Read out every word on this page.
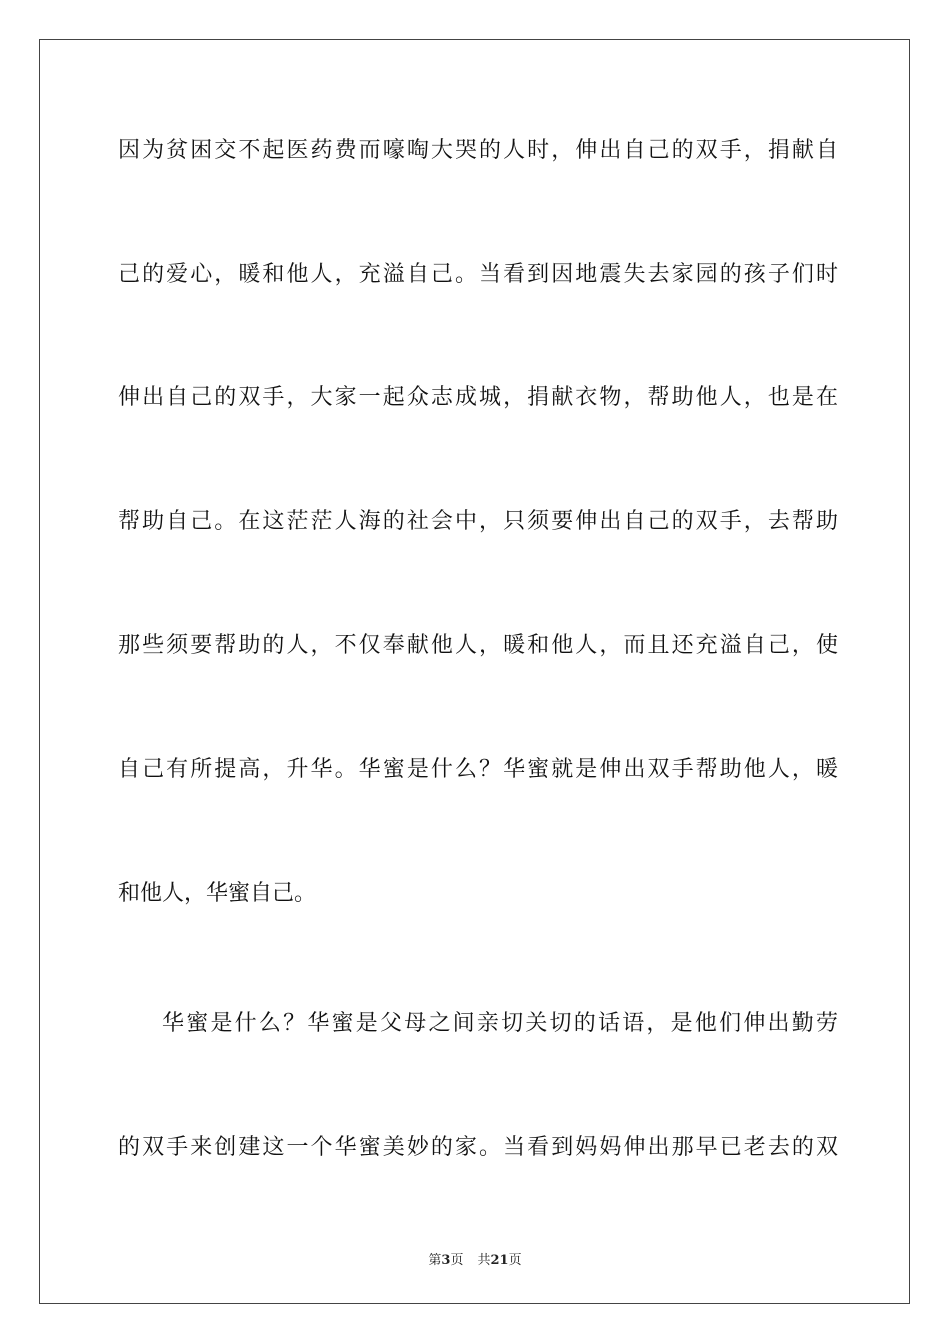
因为贫困交不起医药费而嚎啕大哭的人时，伸出自己的双手，捐献自
己的爱心，暖和他人，充溢自己。当看到因地震失去家园的孩子们时
伸出自己的双手，大家一起众志成城，捐献衣物，帮助他人，也是在
帮助自己。在这茫茫人海的社会中，只须要伸出自己的双手，去帮助
那些须要帮助的人，不仅奉献他人，暖和他人，而且还充溢自己，使
自己有所提高，升华。华蜜是什么？华蜜就是伸出双手帮助他人，暖
和他人，华蜜自己。
华蜜是什么？华蜜是父母之间亲切关切的话语，是他们伸出勤劳
的双手来创建这一个华蜜美妙的家。当看到妈妈伸出那早已老去的双
第3页 共21页
